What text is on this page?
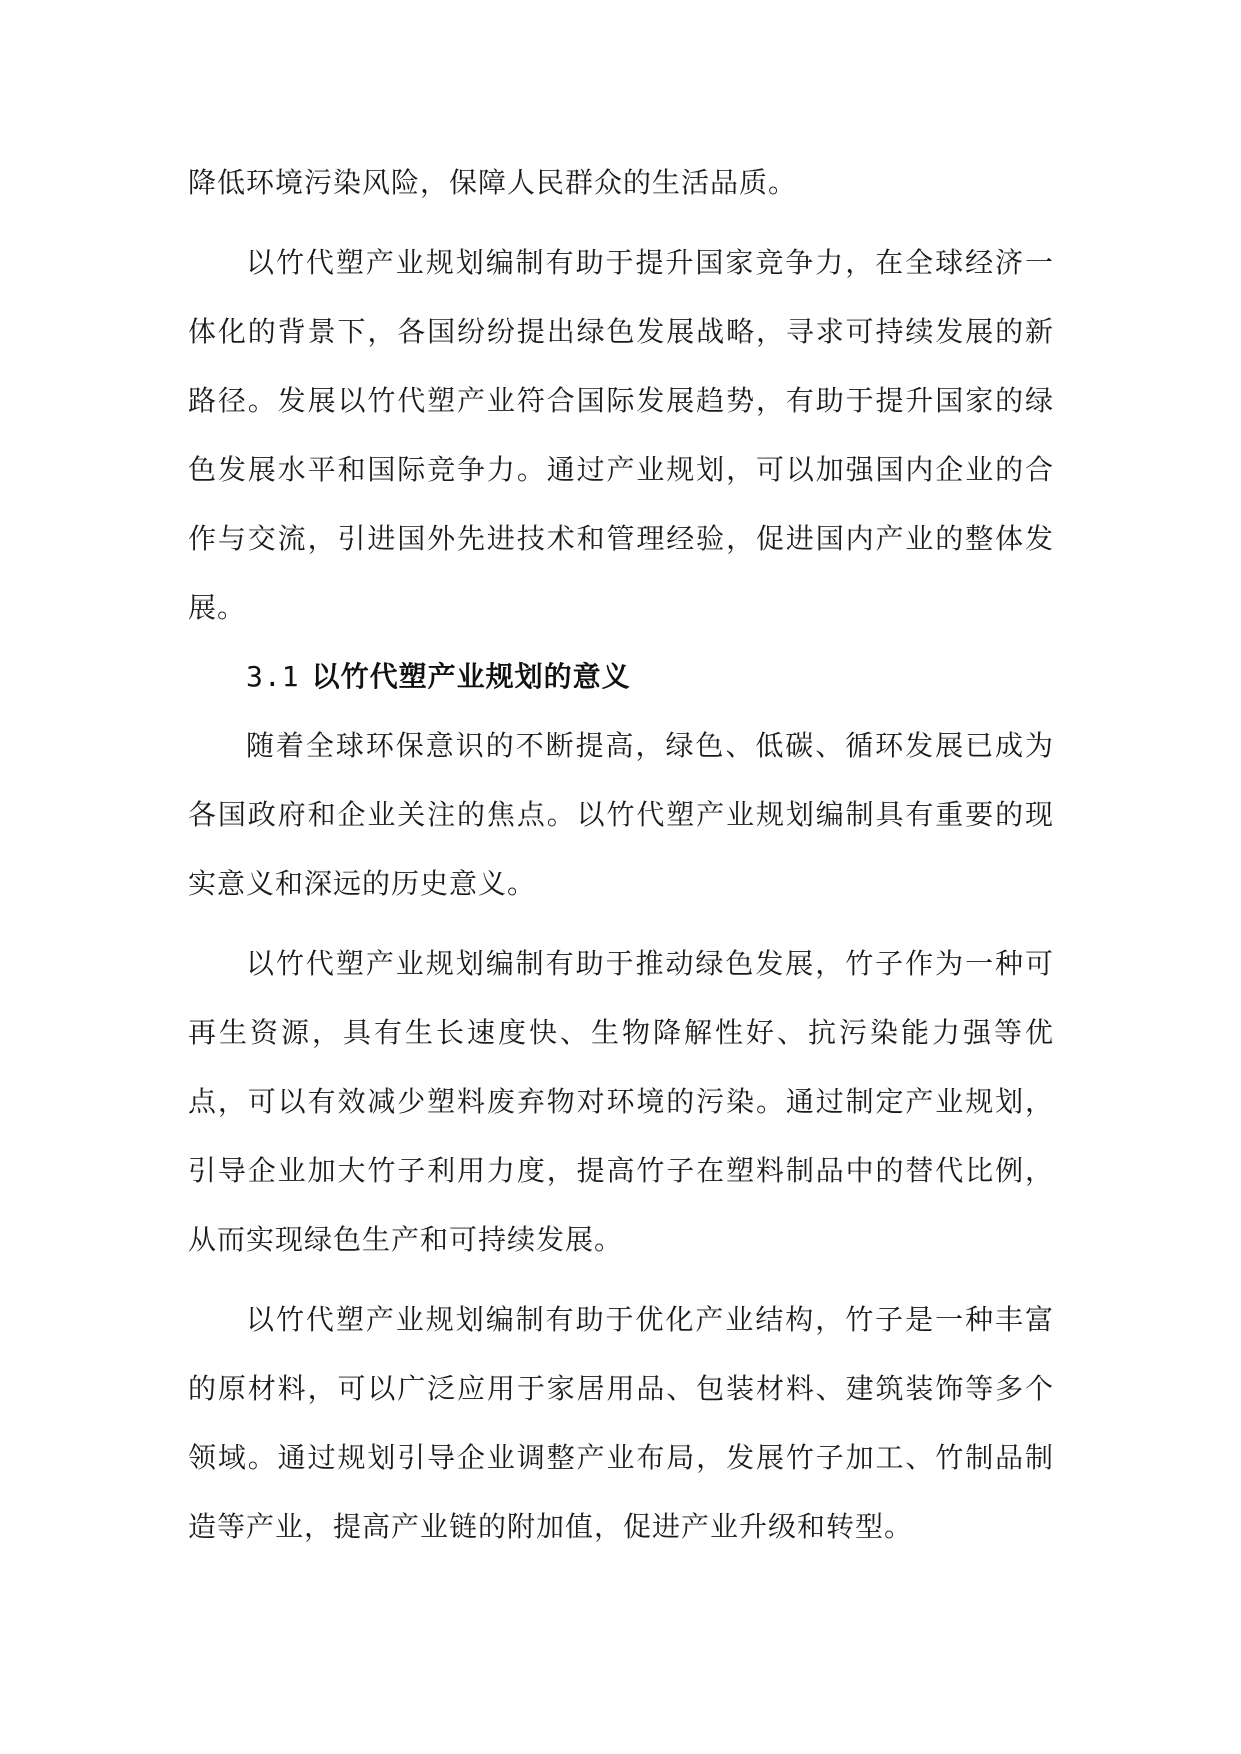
降低环境污染风险，保障人民群众的生活品质。

以竹代塑产业规划编制有助于提升国家竞争力，在全球经济一体化的背景下，各国纷纷提出绿色发展战略，寻求可持续发展的新路径。发展以竹代塑产业符合国际发展趋势，有助于提升国家的绿色发展水平和国际竞争力。通过产业规划，可以加强国内企业的合作与交流，引进国外先进技术和管理经验，促进国内产业的整体发展。

3.1 以竹代塑产业规划的意义

随着全球环保意识的不断提高，绿色、低碳、循环发展已成为各国政府和企业关注的焦点。以竹代塑产业规划编制具有重要的现实意义和深远的历史意义。

以竹代塑产业规划编制有助于推动绿色发展，竹子作为一种可再生资源，具有生长速度快、生物降解性好、抗污染能力强等优点，可以有效减少塑料废弃物对环境的污染。通过制定产业规划，引导企业加大竹子利用力度，提高竹子在塑料制品中的替代比例，从而实现绿色生产和可持续发展。

以竹代塑产业规划编制有助于优化产业结构，竹子是一种丰富的原材料，可以广泛应用于家居用品、包装材料、建筑装饰等多个领域。通过规划引导企业调整产业布局，发展竹子加工、竹制品制造等产业，提高产业链的附加值，促进产业升级和转型。
